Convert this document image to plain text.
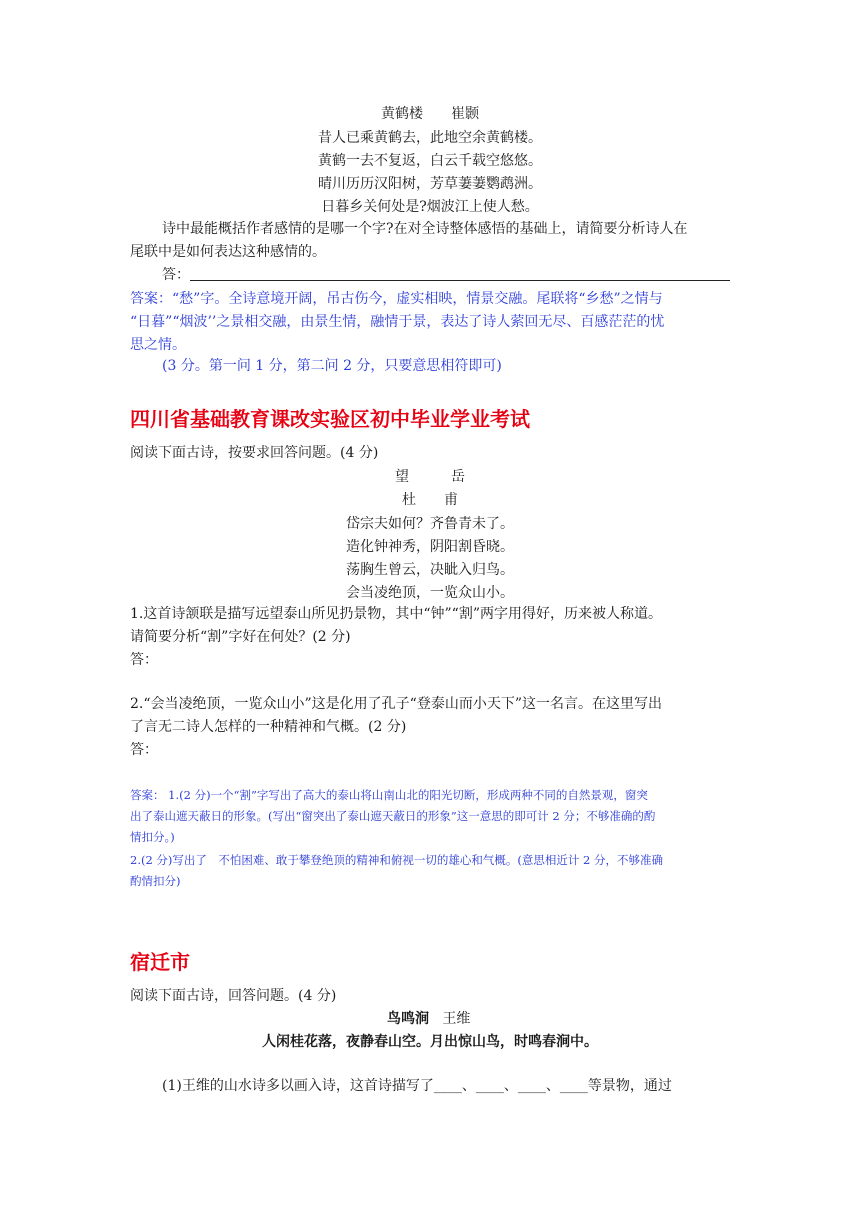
黄鹤楼　　崔颢
昔人已乘黄鹤去，此地空余黄鹤楼。
黄鹤一去不复返，白云千载空悠悠。
晴川历历汉阳树，芳草萋萋鹦鹉洲。
日暮乡关何处是?烟波江上使人愁。
诗中最能概括作者感情的是哪一个字?在对全诗整体感悟的基础上，请简要分析诗人在
尾联中是如何表达这种感情的。
答：
答案：“愁”字。全诗意境开阔，吊古伤今，虚实相映，情景交融。尾联将“乡愁”之情与
“日暮”“烟波’’之景相交融，由景生情，融情于景，表达了诗人萦回无尽、百感茫茫的忧
思之情。
(3 分。第一问 1 分，第二问 2 分，只要意思相符即可)
四川省基础教育课改实验区初中毕业学业考试
阅读下面古诗，按要求回答问题。(4 分)
望　　　岳
杜　　甫
岱宗夫如何？齐鲁青未了。
造化钟神秀，阴阳割昏晓。
荡胸生曾云，决眦入归鸟。
会当凌绝顶，一览众山小。
1.这首诗颔联是描写远望泰山所见扔景物，其中“钟”“割”两字用得好，历来被人称道。
请简要分析“割”字好在何处？(2 分)
答：
2.“会当凌绝顶，一览众山小”这是化用了孔子“登泰山而小天下”这一名言。在这里写出
了言无二诗人怎样的一种精神和气概。(2 分)
答：
答案： 1.(2 分)一个“割”字写出了高大的泰山将山南山北的阳光切断，形成两种不同的自然景观，窗突
出了泰山遮天蔽日的形象。(写出“窗突出了泰山遮天蔽日的形象”这一意思的即可计 2 分；不够准确的酌
情扣分。)
2.(2 分)写出了　不怕困难、敢于攀登绝顶的精神和俯视一切的雄心和气概。(意思相近计 2 分，不够准确
酌情扣分)
宿迁市
阅读下面古诗，回答问题。(4 分)
鸟鸣涧 王维
人闲桂花落，夜静春山空。月出惊山鸟，时鸣春涧中。
(1)王维的山水诗多以画入诗，这首诗描写了____、____、____、____等景物，通过
